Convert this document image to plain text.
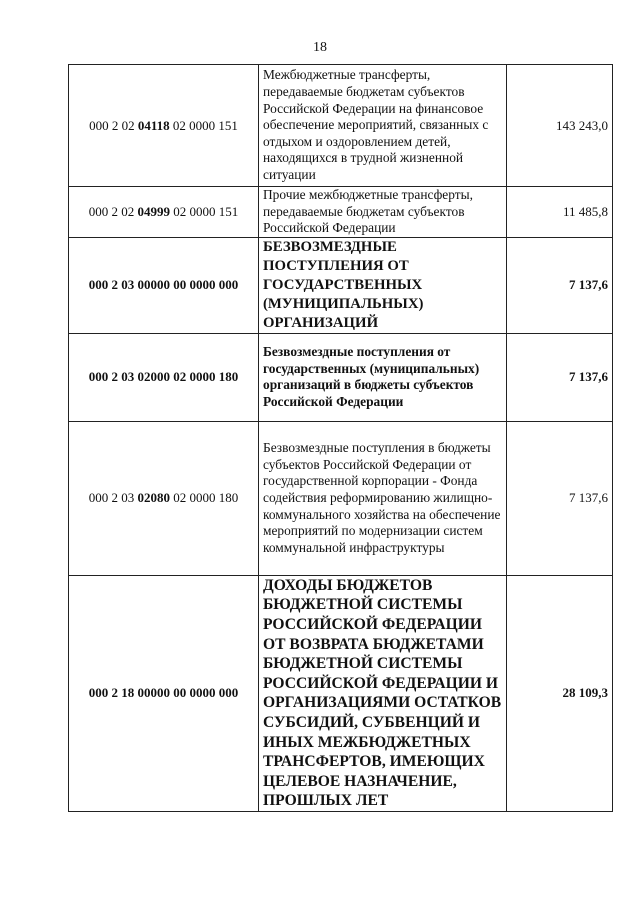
18
000 2 02 04118 02 0000 151	Межбюджетные трансферты, передаваемые бюджетам субъектов Российской Федерации на финансовое обеспечение мероприятий, связанных с отдыхом и оздоровлением детей, находящихся в трудной жизненной ситуации	143 243,0
000 2 02 04999 02 0000 151	Прочие межбюджетные трансферты, передаваемые бюджетам субъектов Российской Федерации	11 485,8
000 2 03 00000 00 0000 000	БЕЗВОЗМЕЗДНЫЕ ПОСТУПЛЕНИЯ ОТ ГОСУДАРСТВЕННЫХ (МУНИЦИПАЛЬНЫХ) ОРГАНИЗАЦИЙ	7 137,6
000 2 03 02000 02 0000 180	Безвозмездные поступления от государственных (муниципальных) организаций в бюджеты субъектов Российской Федерации	7 137,6
000 2 03 02080 02 0000 180	Безвозмездные поступления в бюджеты субъектов Российской Федерации от государственной корпорации - Фонда содействия реформированию жилищно-коммунального хозяйства на обеспечение мероприятий по модернизации систем коммунальной инфраструктуры	7 137,6
000 2 18 00000 00 0000 000	ДОХОДЫ БЮДЖЕТОВ БЮДЖЕТНОЙ СИСТЕМЫ РОССИЙСКОЙ ФЕДЕРАЦИИ ОТ ВОЗВРАТА БЮДЖЕТАМИ БЮДЖЕТНОЙ СИСТЕМЫ РОССИЙСКОЙ ФЕДЕРАЦИИ И ОРГАНИЗАЦИЯМИ ОСТАТКОВ СУБСИДИЙ, СУБВЕНЦИЙ И ИНЫХ МЕЖБЮДЖЕТНЫХ ТРАНСФЕРТОВ, ИМЕЮЩИХ ЦЕЛЕВОЕ НАЗНАЧЕНИЕ, ПРОШЛЫХ ЛЕТ	28 109,3
